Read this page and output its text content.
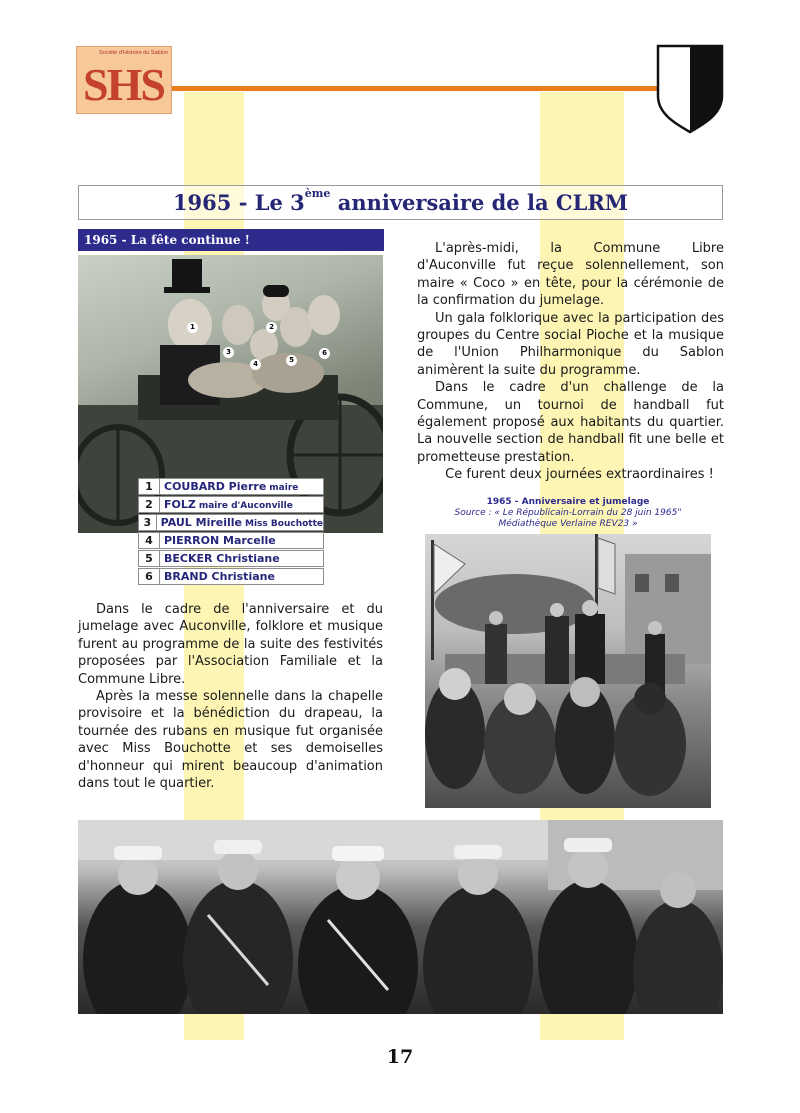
Société d'Histoire du Sablon
SHS
1965 - Le 3ème anniversaire de la CLRM
1965 - La fête continue !
1	2
3
4	5
6
1	COUBARD Pierre maire
2	FOLZ maire d'Auconville
3 PAUL Mireille Miss Bouchotte
4	PIERRON Marcelle
5	BECKER Christiane
6	BRAND Christiane

L'après-midi, la Commune Libre d'Auconville fut reçue solennellement, son maire « Coco » en tête, pour la cérémonie de la confirmation du jumelage.

Un gala folklorique avec la participation des groupes du Centre social Pioche et la musique de l'Union Philharmonique du Sablon animèrent la suite du programme.

Dans le cadre d'un challenge de la Commune, un tournoi de handball fut également proposé aux habitants du quartier. La nouvelle section de handball fit une belle et prometteuse prestation.

Ce furent deux journées extraordinaires !

1965 - Anniversaire et jumelage
Source : « Le Républicain-Lorrain du 28 juin 1965"
Médiathèque Verlaine REV23 »

Dans le cadre de l'anniversaire et du jumelage avec Auconville, folklore et musique furent au programme de la suite des festivités proposées par l'Association Familiale et la Commune Libre.

Après la messe solennelle dans la chapelle provisoire et la bénédiction du drapeau, la tournée des rubans en musique fut organisée avec Miss Bouchotte et ses demoiselles d'honneur qui mirent beaucoup d'animation dans tout le quartier.

17
